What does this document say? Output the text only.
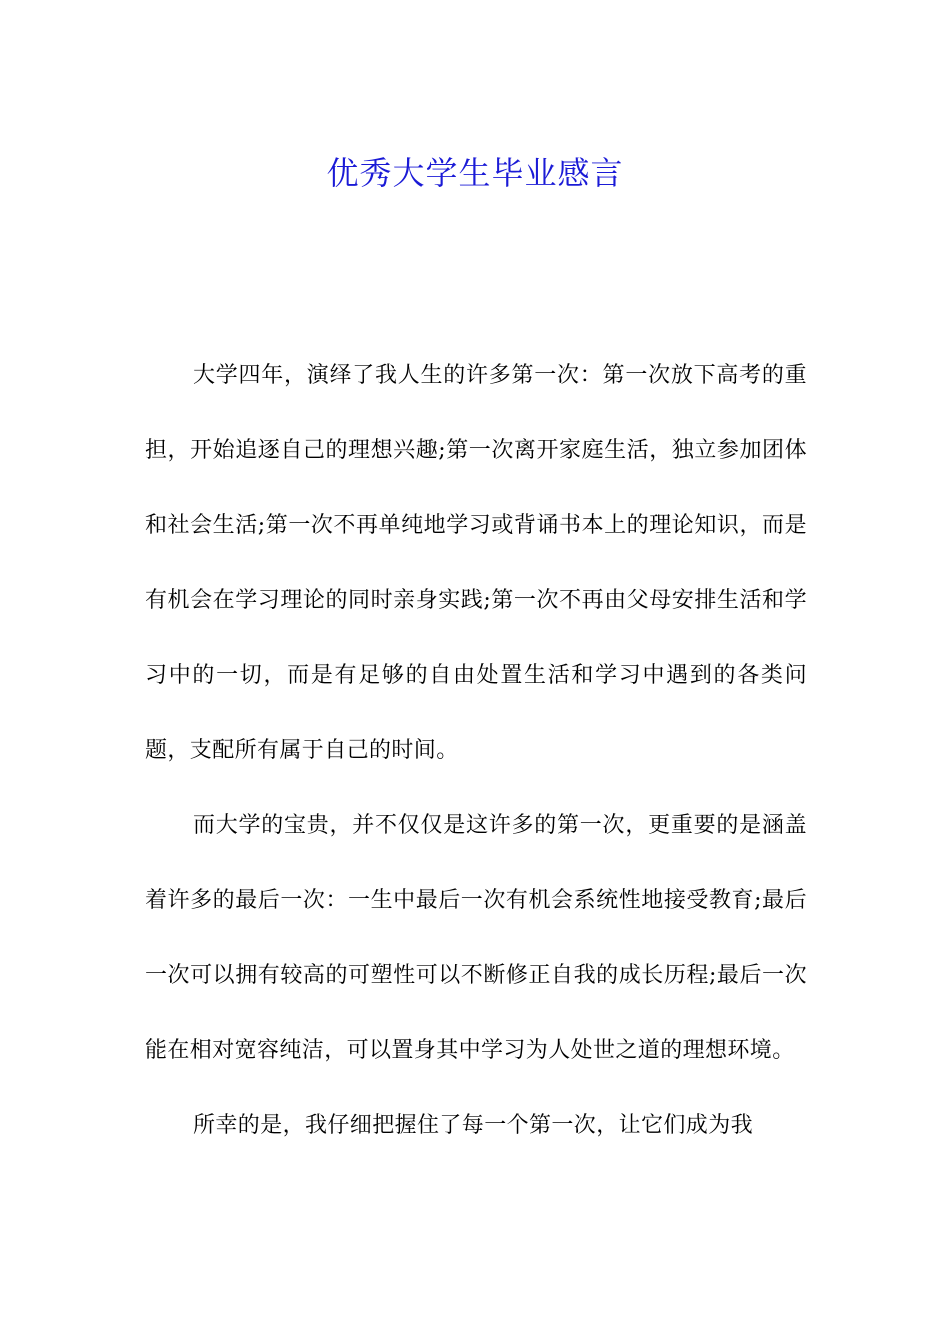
优秀大学生毕业感言

大学四年，演绎了我人生的许多第一次：第一次放下高考的重担，开始追逐自己的理想兴趣;第一次离开家庭生活，独立参加团体和社会生活;第一次不再单纯地学习或背诵书本上的理论知识，而是有机会在学习理论的同时亲身实践;第一次不再由父母安排生活和学习中的一切，而是有足够的自由处置生活和学习中遇到的各类问题，支配所有属于自己的时间。

而大学的宝贵，并不仅仅是这许多的第一次，更重要的是涵盖着许多的最后一次：一生中最后一次有机会系统性地接受教育;最后一次可以拥有较高的可塑性可以不断修正自我的成长历程;最后一次能在相对宽容纯洁，可以置身其中学习为人处世之道的理想环境。

所幸的是，我仔细把握住了每一个第一次，让它们成为我
